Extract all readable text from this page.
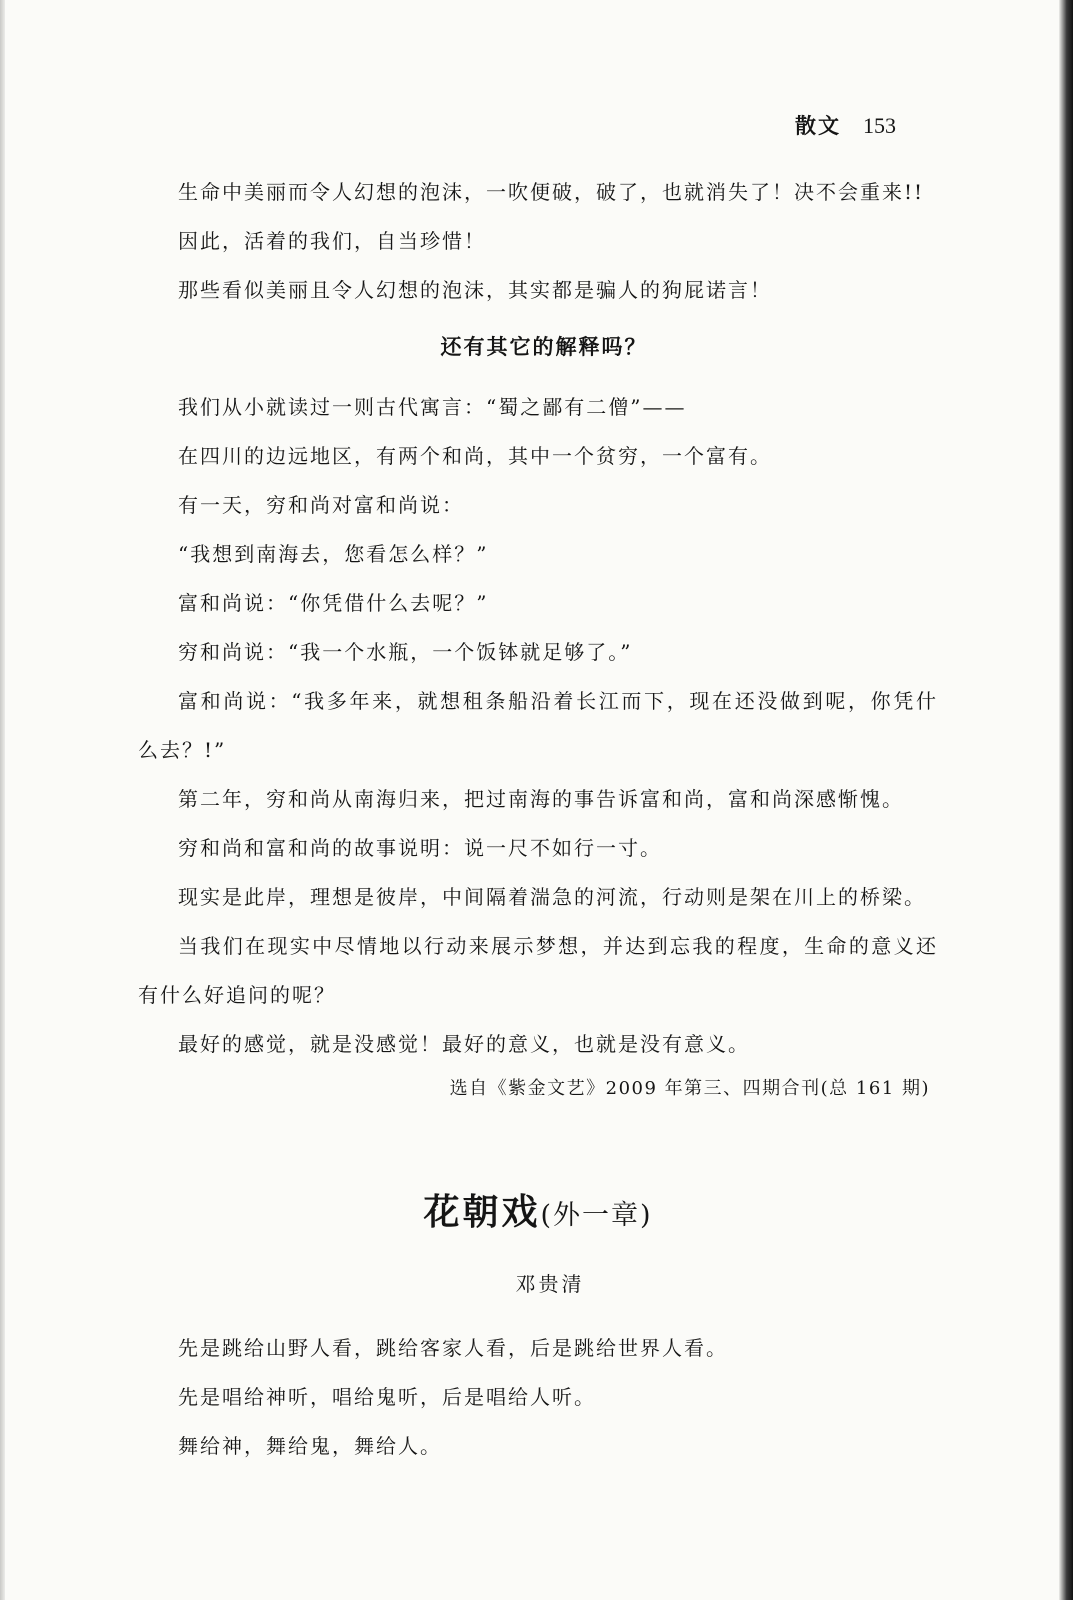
散文 153

生命中美丽而令人幻想的泡沫，一吹便破，破了，也就消失了！决不会重来!!

因此，活着的我们，自当珍惜！

那些看似美丽且令人幻想的泡沫，其实都是骗人的狗屁诺言！

还有其它的解释吗？

我们从小就读过一则古代寓言：“蜀之鄙有二僧”——

在四川的边远地区，有两个和尚，其中一个贫穷，一个富有。

有一天，穷和尚对富和尚说：

“我想到南海去，您看怎么样？”

富和尚说：“你凭借什么去呢？”

穷和尚说：“我一个水瓶，一个饭钵就足够了。”

富和尚说：“我多年来，就想租条船沿着长江而下，现在还没做到呢，你凭什么去？!”

第二年，穷和尚从南海归来，把过南海的事告诉富和尚，富和尚深感惭愧。

穷和尚和富和尚的故事说明：说一尺不如行一寸。

现实是此岸，理想是彼岸，中间隔着湍急的河流，行动则是架在川上的桥梁。

当我们在现实中尽情地以行动来展示梦想，并达到忘我的程度，生命的意义还有什么好追问的呢？

最好的感觉，就是没感觉！最好的意义，也就是没有意义。

选自《紫金文艺》2009 年第三、四期合刊(总 161 期)

花朝戏(外一章)
邓贵清

先是跳给山野人看，跳给客家人看，后是跳给世界人看。

先是唱给神听，唱给鬼听，后是唱给人听。

舞给神，舞给鬼，舞给人。
